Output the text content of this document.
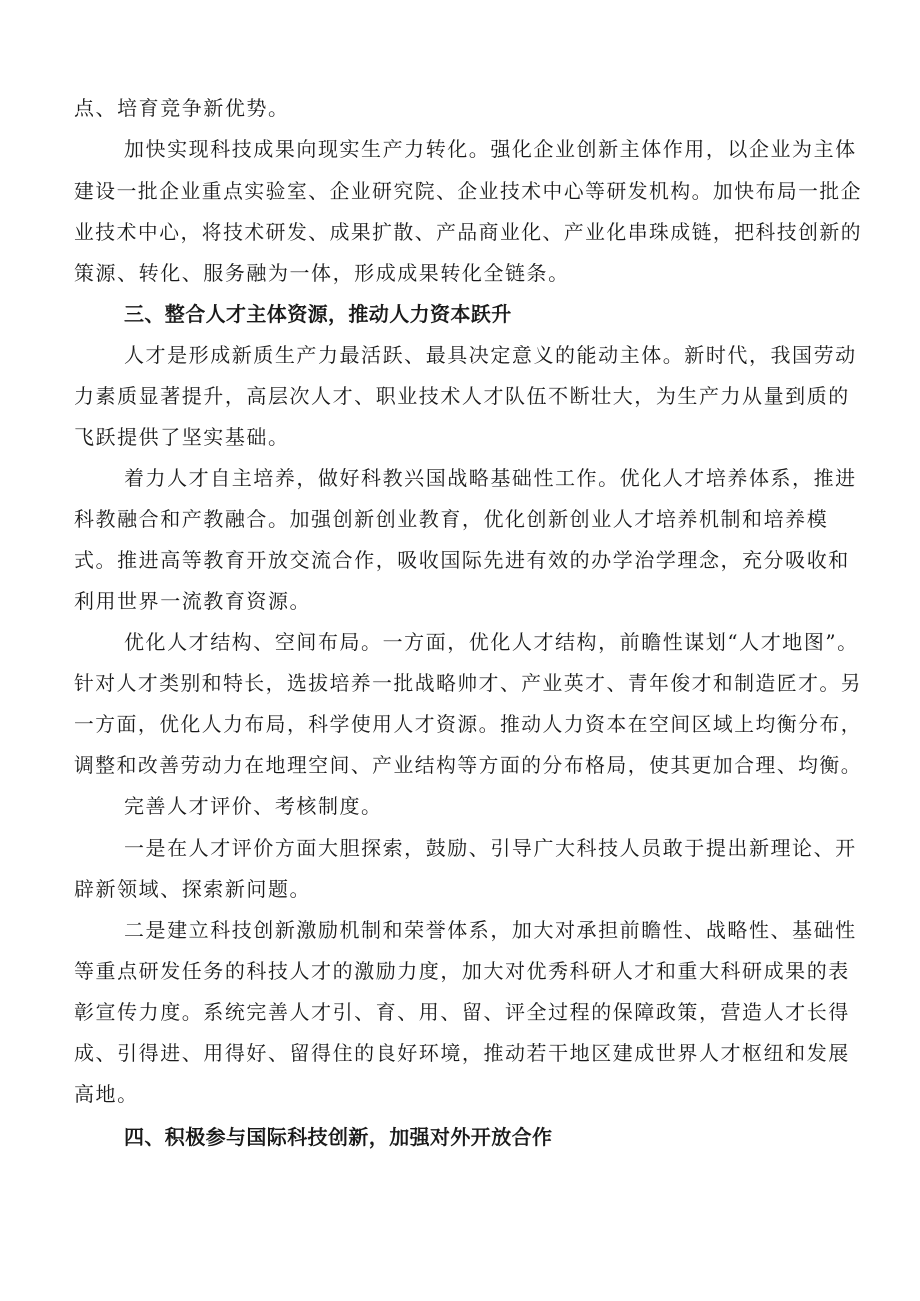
点、培育竞争新优势。
加快实现科技成果向现实生产力转化。强化企业创新主体作用，以企业为主体
建设一批企业重点实验室、企业研究院、企业技术中心等研发机构。加快布局一批企
业技术中心，将技术研发、成果扩散、产品商业化、产业化串珠成链，把科技创新的
策源、转化、服务融为一体，形成成果转化全链条。
三、整合人才主体资源，推动人力资本跃升
人才是形成新质生产力最活跃、最具决定意义的能动主体。新时代，我国劳动
力素质显著提升，高层次人才、职业技术人才队伍不断壮大，为生产力从量到质的
飞跃提供了坚实基础。
着力人才自主培养，做好科教兴国战略基础性工作。优化人才培养体系，推进
科教融合和产教融合。加强创新创业教育，优化创新创业人才培养机制和培养模
式。推进高等教育开放交流合作，吸收国际先进有效的办学治学理念，充分吸收和
利用世界一流教育资源。
优化人才结构、空间布局。一方面，优化人才结构，前瞻性谋划“人才地图”。
针对人才类别和特长，选拔培养一批战略帅才、产业英才、青年俊才和制造匠才。另
一方面，优化人力布局，科学使用人才资源。推动人力资本在空间区域上均衡分布，
调整和改善劳动力在地理空间、产业结构等方面的分布格局，使其更加合理、均衡。
完善人才评价、考核制度。
一是在人才评价方面大胆探索，鼓励、引导广大科技人员敢于提出新理论、开
辟新领域、探索新问题。
二是建立科技创新激励机制和荣誉体系，加大对承担前瞻性、战略性、基础性
等重点研发任务的科技人才的激励力度，加大对优秀科研人才和重大科研成果的表
彰宣传力度。系统完善人才引、育、用、留、评全过程的保障政策，营造人才长得
成、引得进、用得好、留得住的良好环境，推动若干地区建成世界人才枢纽和发展
高地。
四、积极参与国际科技创新，加强对外开放合作
